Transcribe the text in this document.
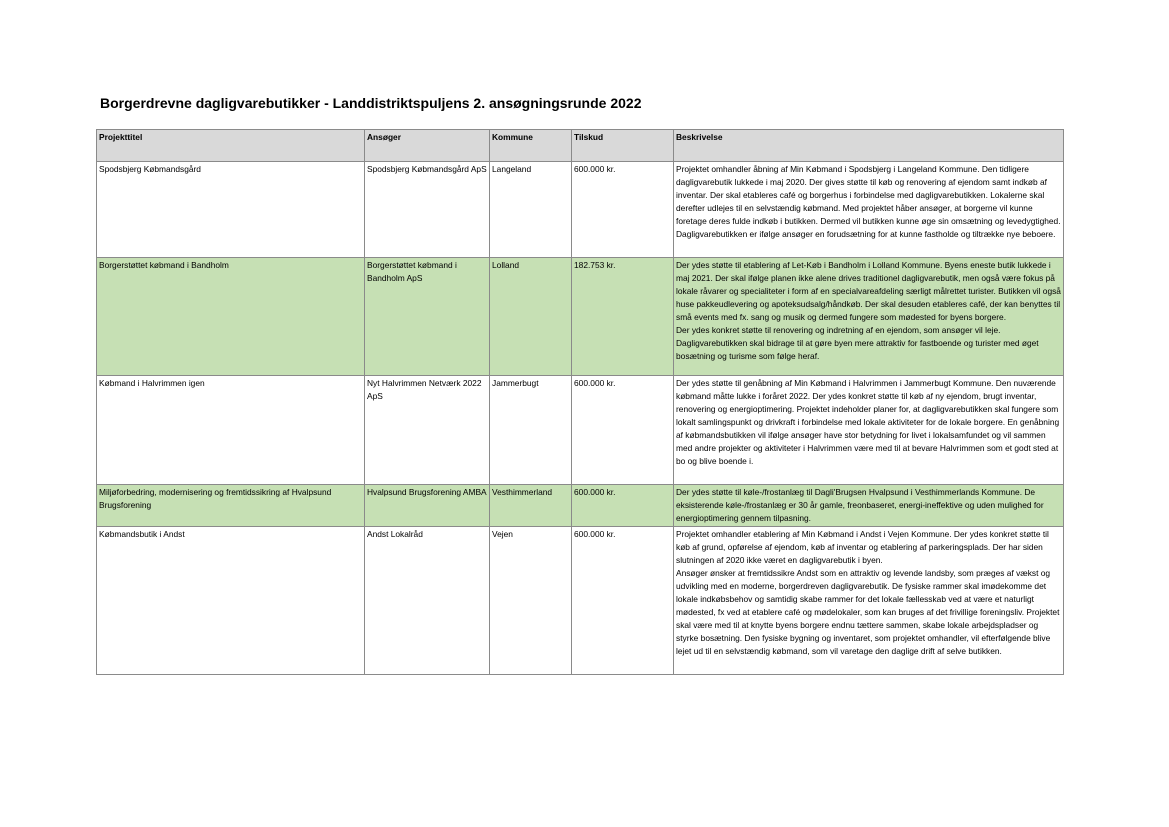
Borgerdrevne dagligvarebutikker - Landdistriktspuljens 2. ansøgningsrunde 2022
Projekttitel	Ansøger	Kommune	Tilskud	Beskrivelse
Spodsbjerg Købmandsgård	Spodsbjerg Købmandsgård ApS	Langeland	600.000 kr.	Projektet omhandler åbning af Min Købmand i Spodsbjerg i Langeland Kommune. Den tidligere dagligvarebutik lukkede i maj 2020. Der gives støtte til køb og renovering af ejendom samt indkøb af inventar. Der skal etableres café og borgerhus i forbindelse med dagligvarebutikken. Lokalerne skal derefter udlejes til en selvstændig købmand. Med projektet håber ansøger, at borgerne vil kunne foretage deres fulde indkøb i butikken. Dermed vil butikken kunne øge sin omsætning og levedygtighed. Dagligvarebutikken er ifølge ansøger en forudsætning for at kunne fastholde og tiltrække nye beboere.
Borgerstøttet købmand i Bandholm	Borgerstøttet købmand i Bandholm ApS	Lolland	182.753 kr.	Der ydes støtte til etablering af Let-Køb i Bandholm i Lolland Kommune. Byens eneste butik lukkede i maj 2021. Der skal ifølge planen ikke alene drives traditionel dagligvarebutik, men også være fokus på lokale råvarer og specialiteter i form af en specialvareafdeling særligt målrettet turister. Butikken vil også huse pakkeudlevering og apoteksudsalg/håndkøb. Der skal desuden etableres café, der kan benyttes til små events med fx. sang og musik og dermed fungere som mødested for byens borgere.
Der ydes konkret støtte til renovering og indretning af en ejendom, som ansøger vil leje. Dagligvarebutikken skal bidrage til at gøre byen mere attraktiv for fastboende og turister med øget bosætning og turisme som følge heraf.
Købmand i Halvrimmen igen	Nyt Halvrimmen Netværk 2022 ApS	Jammerbugt	600.000 kr.	Der ydes støtte til genåbning af Min Købmand i Halvrimmen i Jammerbugt Kommune. Den nuværende købmand måtte lukke i foråret 2022. Der ydes konkret støtte til køb af ny ejendom, brugt inventar, renovering og energioptimering. Projektet indeholder planer for, at dagligvarebutikken skal fungere som lokalt samlingspunkt og drivkraft i forbindelse med lokale aktiviteter for de lokale borgere. En genåbning af købmandsbutikken vil ifølge ansøger have stor betydning for livet i lokalsamfundet og vil sammen med andre projekter og aktiviteter i Halvrimmen være med til at bevare Halvrimmen som et godt sted at bo og blive boende i.
Miljøforbedring, modernisering og fremtidssikring af Hvalpsund Brugsforening	Hvalpsund Brugsforening AMBA	Vesthimmerland	600.000 kr.	Der ydes støtte til køle-/frostanlæg til Dagli'Brugsen Hvalpsund i Vesthimmerlands Kommune. De eksisterende køle-/frostanlæg er 30 år gamle, freonbaseret, energi-ineffektive og uden mulighed for energioptimering gennem tilpasning.
Købmandsbutik i Andst	Andst Lokalråd	Vejen	600.000 kr.	Projektet omhandler etablering af Min Købmand i Andst i Vejen Kommune. Der ydes konkret støtte til køb af grund, opførelse af ejendom, køb af inventar og etablering af parkeringsplads. Der har siden slutningen af 2020 ikke været en dagligvarebutik i byen.
Ansøger ønsker at fremtidssikre Andst som en attraktiv og levende landsby, som præges af vækst og udvikling med en moderne, borgerdreven dagligvarebutik. De fysiske rammer skal imødekomme det lokale indkøbsbehov og samtidig skabe rammer for det lokale fællesskab ved at være et naturligt mødested, fx ved at etablere café og mødelokaler, som kan bruges af det frivillige foreningsliv. Projektet skal være med til at knytte byens borgere endnu tættere sammen, skabe lokale arbejdspladser og styrke bosætning. Den fysiske bygning og inventaret, som projektet omhandler, vil efterfølgende blive lejet ud til en selvstændig købmand, som vil varetage den daglige drift af selve butikken.
